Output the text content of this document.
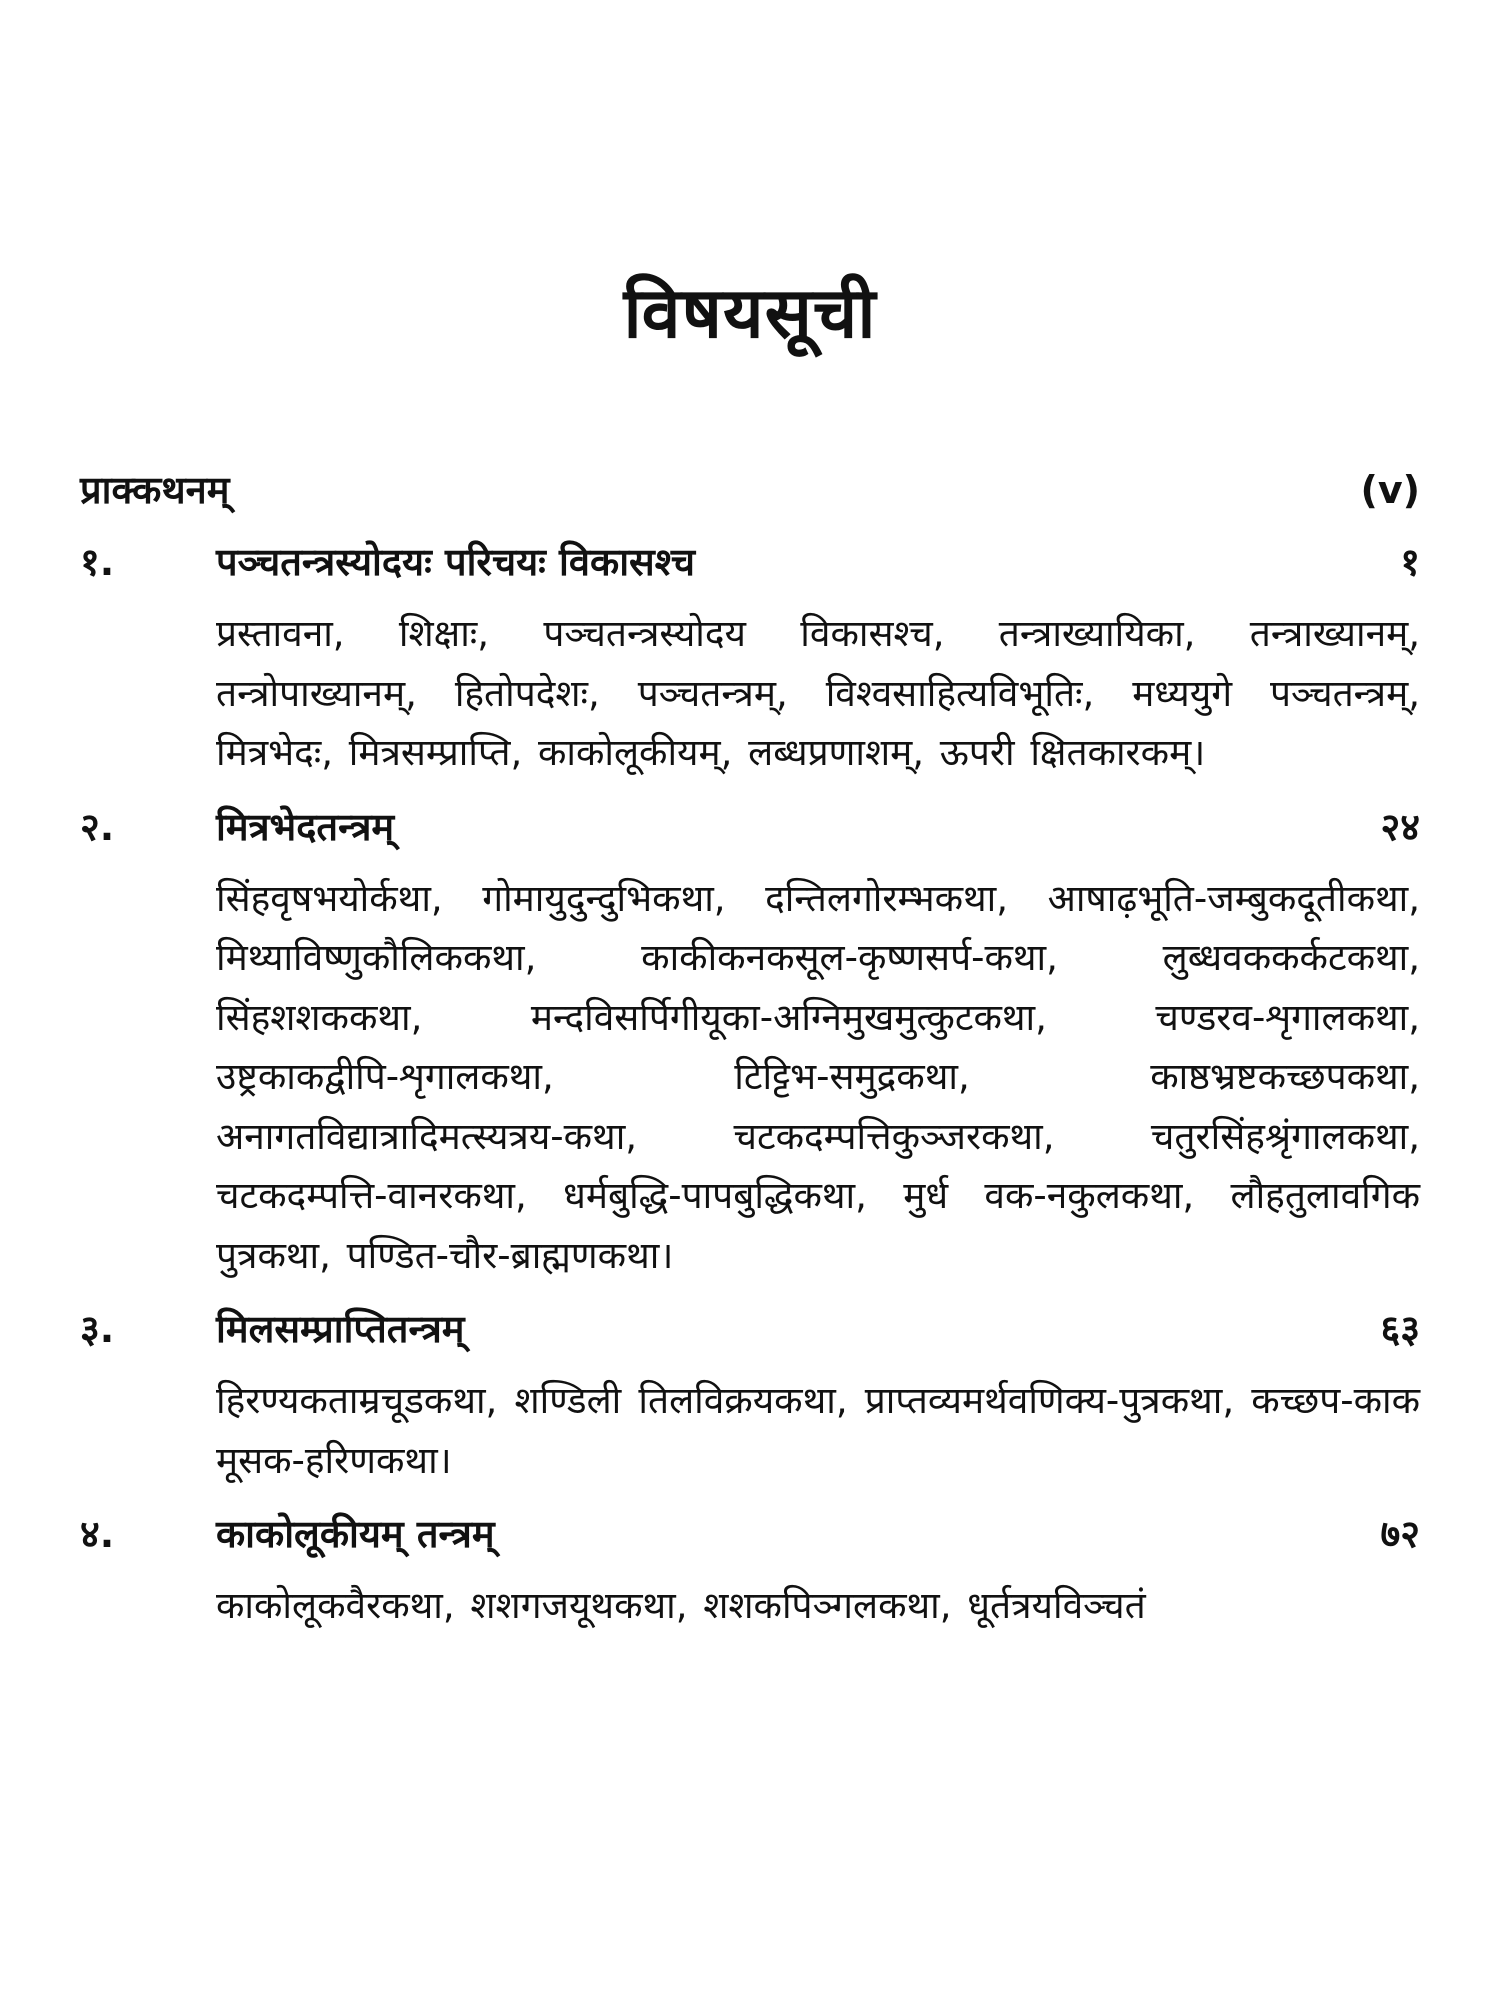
विषयसूची
प्राक्कथनम्	(v)
१.	पञ्चतन्त्रस्योदयः परिचयः विकासश्च	१
प्रस्तावना, शिक्षाः, पञ्चतन्त्रस्योदय विकासश्च, तन्त्राख्यायिका, तन्त्राख्यानम्, तन्त्रोपाख्यानम्, हितोपदेशः, पञ्चतन्त्रम्, विश्वसाहित्यविभूतिः, मध्ययुगे पञ्चतन्त्रम्, मित्रभेदः, मित्रसम्प्राप्ति, काकोलूकीयम्, लब्धप्रणाशम्, ऊपरी क्षितकारकम्।
२.	मित्रभेदतन्त्रम्	२४
सिंहवृषभयोर्कथा, गोमायुदुन्दुभिकथा, दन्तिलगोरम्भकथा, आषाढ़भूति-जम्बुकदूतीकथा, मिथ्याविष्णुकौलिककथा, काकीकनकसूल-कृष्णसर्प-कथा, लुब्धवककर्कटकथा, सिंहशशककथा, मन्दविसर्पिगीयूका-अग्निमुखमुत्कुटकथा, चण्डरव-शृगालकथा, उष्ट्रकाकद्वीपि-शृगालकथा, टिट्टिभ-समुद्रकथा, काष्ठभ्रष्टकच्छपकथा, अनागतविद्यात्रादिमत्स्यत्रय-कथा, चटकदम्पत्तिकुञ्जरकथा, चतुरसिंहश्रृंगालकथा, चटकदम्पत्ति-वानरकथा, धर्मबुद्धि-पापबुद्धिकथा, मुर्ध वक-नकुलकथा, लौहतुलावगिक पुत्रकथा, पण्डित-चौर-ब्राह्मणकथा।
३.	मिलसम्प्राप्तितन्त्रम्	६३
हिरण्यकताम्रचूडकथा, शण्डिली तिलविक्रयकथा, प्राप्तव्यमर्थवणिक्य-पुत्रकथा, कच्छप-काक मूसक-हरिणकथा।
४.	काकोलूकीयम् तन्त्रम्	७२
काकोलूकवैरकथा, शशगजयूथकथा, शशकपिञ्गलकथा, धूर्तत्रयविञ्चतं
